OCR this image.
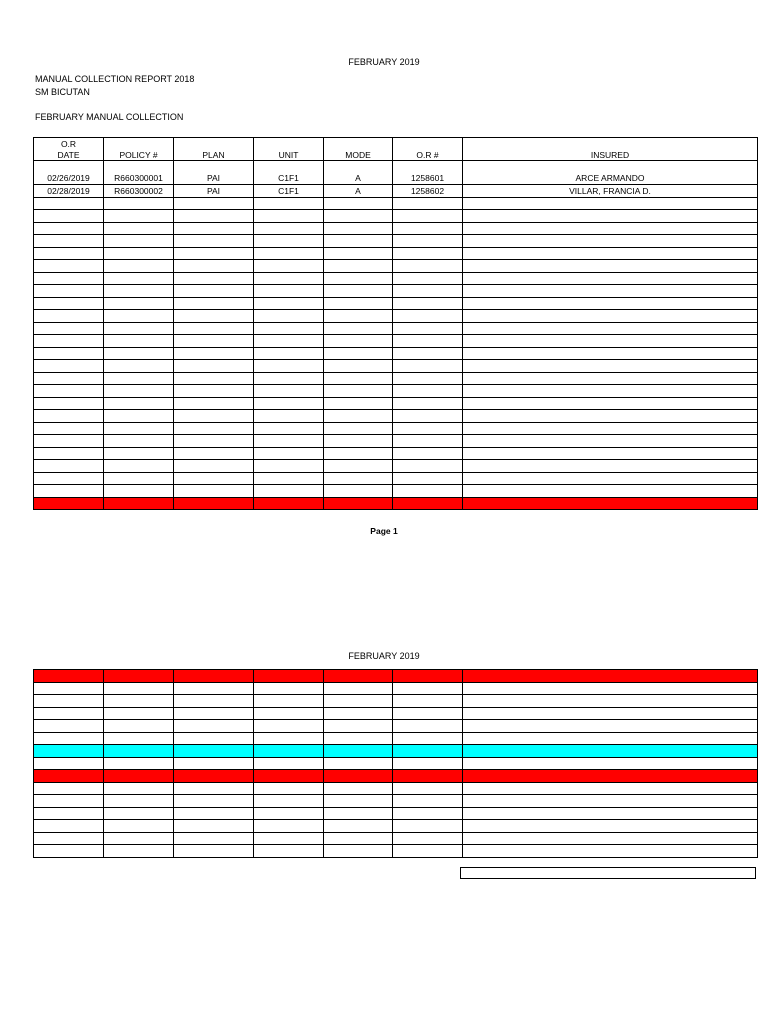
FEBRUARY 2019
MANUAL COLLECTION REPORT 2018
SM BICUTAN
FEBRUARY MANUAL COLLECTION
O.R						
DATE	POLICY #	PLAN	UNIT	MODE	O.R #	INSURED

02/26/2019	R660300001	PAI	C1F1	A	1258601	ARCE ARMANDO
02/28/2019	R660300002	PAI	C1F1	A	1258602	VILLAR, FRANCIA D.

Page 1
FEBRUARY 2019
